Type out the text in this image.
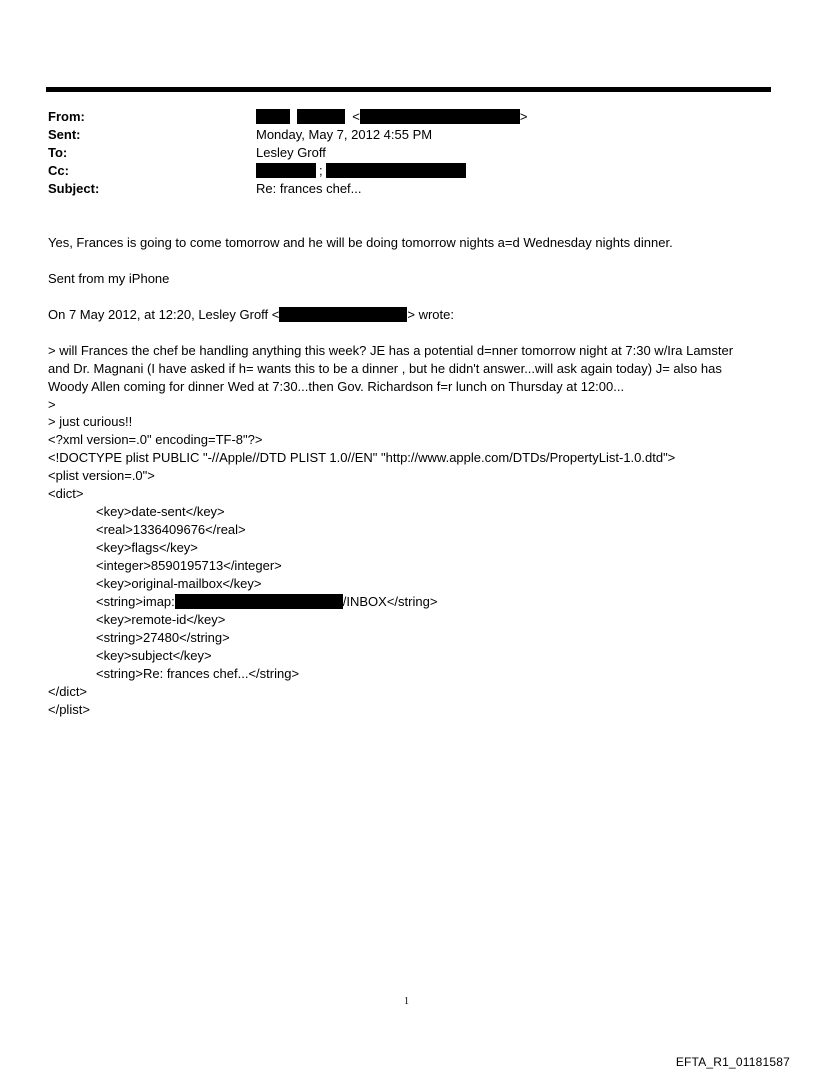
From:	<	>
Sent:	Monday, May 7, 2012 4:55 PM
To:	Lesley Groff
Cc:	;
Subject:	Re: frances chef...
Yes, Frances is going to come tomorrow and he will be doing tomorrow nights a=d Wednesday nights dinner.
Sent from my iPhone
On 7 May 2012, at 12:20, Lesley Groff <	> wrote:
> will Frances the chef be handling anything this week? JE has a potential d=nner tomorrow night at 7:30 w/Ira Lamster
and Dr. Magnani (I have asked if h= wants this to be a dinner , but he didn't answer...will ask again today) J= also has
Woody Allen coming for dinner Wed at 7:30...then Gov. Richardson f=r lunch on Thursday at 12:00...
>
> just curious!!
<?xml version=.0" encoding=TF-8"?>
<!DOCTYPE plist PUBLIC "-//Apple//DTD PLIST 1.0//EN" "http://www.apple.com/DTDs/PropertyList-1.0.dtd">
<plist version=.0">
<dict>
<key>date-sent</key>
<real>1336409676</real>
<key>flags</key>
<integer>8590195713</integer>
<key>original-mailbox</key>
<string>imap:	/INBOX</string>
<key>remote-id</key>
<string>27480</string>
<key>subject</key>
<string>Re: frances chef...</string>
</dict>
</plist>
1
EFTA_R1_01181587
